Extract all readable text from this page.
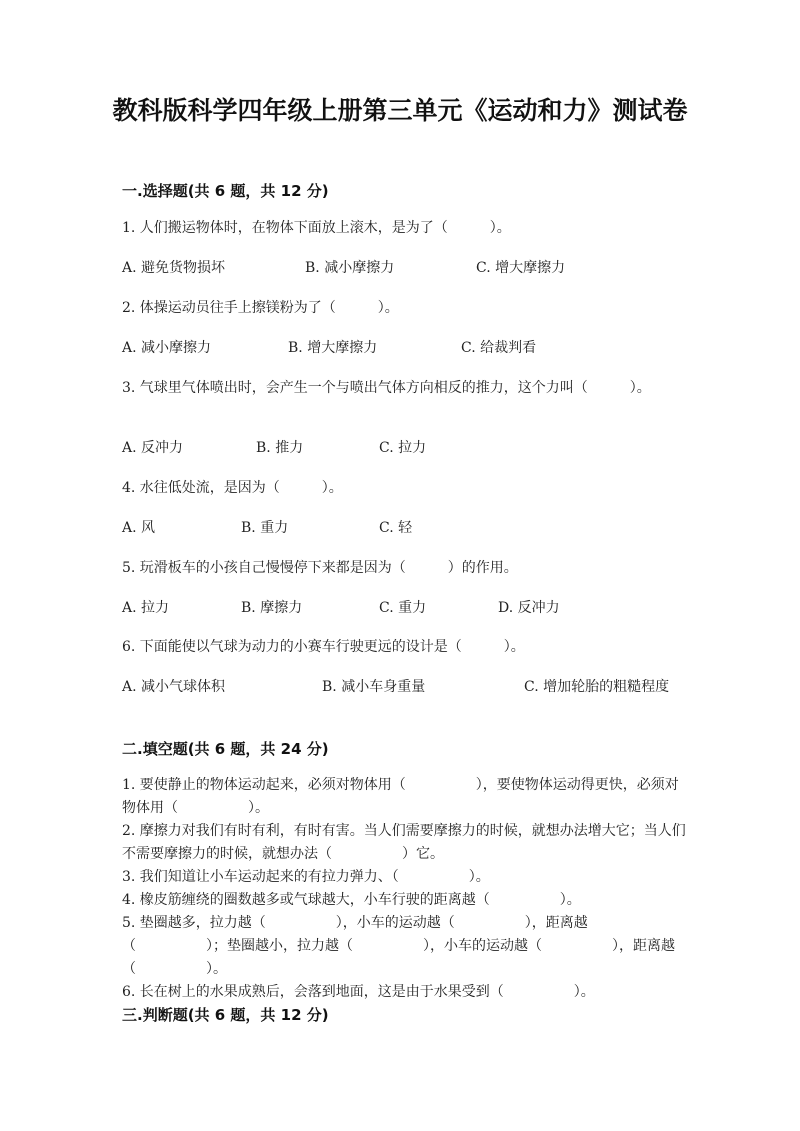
教科版科学四年级上册第三单元《运动和力》测试卷
一.选择题(共 6 题，共 12 分)
1. 人们搬运物体时，在物体下面放上滚木，是为了（　　　）。
A. 避免货物损坏	B. 减小摩擦力	C. 增大摩擦力
2. 体操运动员往手上擦镁粉为了（　　　）。
A. 减小摩擦力	B. 增大摩擦力	C. 给裁判看
3. 气球里气体喷出时，会产生一个与喷出气体方向相反的推力，这个力叫（　　　）。
A. 反冲力	B. 推力	C. 拉力
4. 水往低处流，是因为（　　　）。
A. 风	B. 重力	C. 轻
5. 玩滑板车的小孩自己慢慢停下来都是因为（　　　）的作用。
A. 拉力	B. 摩擦力	C. 重力	D. 反冲力
6. 下面能使以气球为动力的小赛车行驶更远的设计是（　　　）。
A. 减小气球体积	B. 减小车身重量	C. 增加轮胎的粗糙程度
二.填空题(共 6 题，共 24 分)
1. 要使静止的物体运动起来，必须对物体用（　　　　　），要使物体运动得更快，必须对物体用（　　　　　）。
2. 摩擦力对我们有时有利，有时有害。当人们需要摩擦力的时候，就想办法增大它；当人们不需要摩擦力的时候，就想办法（　　　　　）它。
3. 我们知道让小车运动起来的有拉力弹力、（　　　　　）。
4. 橡皮筋缠绕的圈数越多或气球越大，小车行驶的距离越（　　　　　）。
5. 垫圈越多，拉力越（　　　　　），小车的运动越（　　　　　），距离越（　　　　　）；垫圈越小，拉力越（　　　　　），小车的运动越（　　　　　），距离越（　　　　　）。
6. 长在树上的水果成熟后，会落到地面，这是由于水果受到（　　　　　）。
三.判断题(共 6 题，共 12 分)
